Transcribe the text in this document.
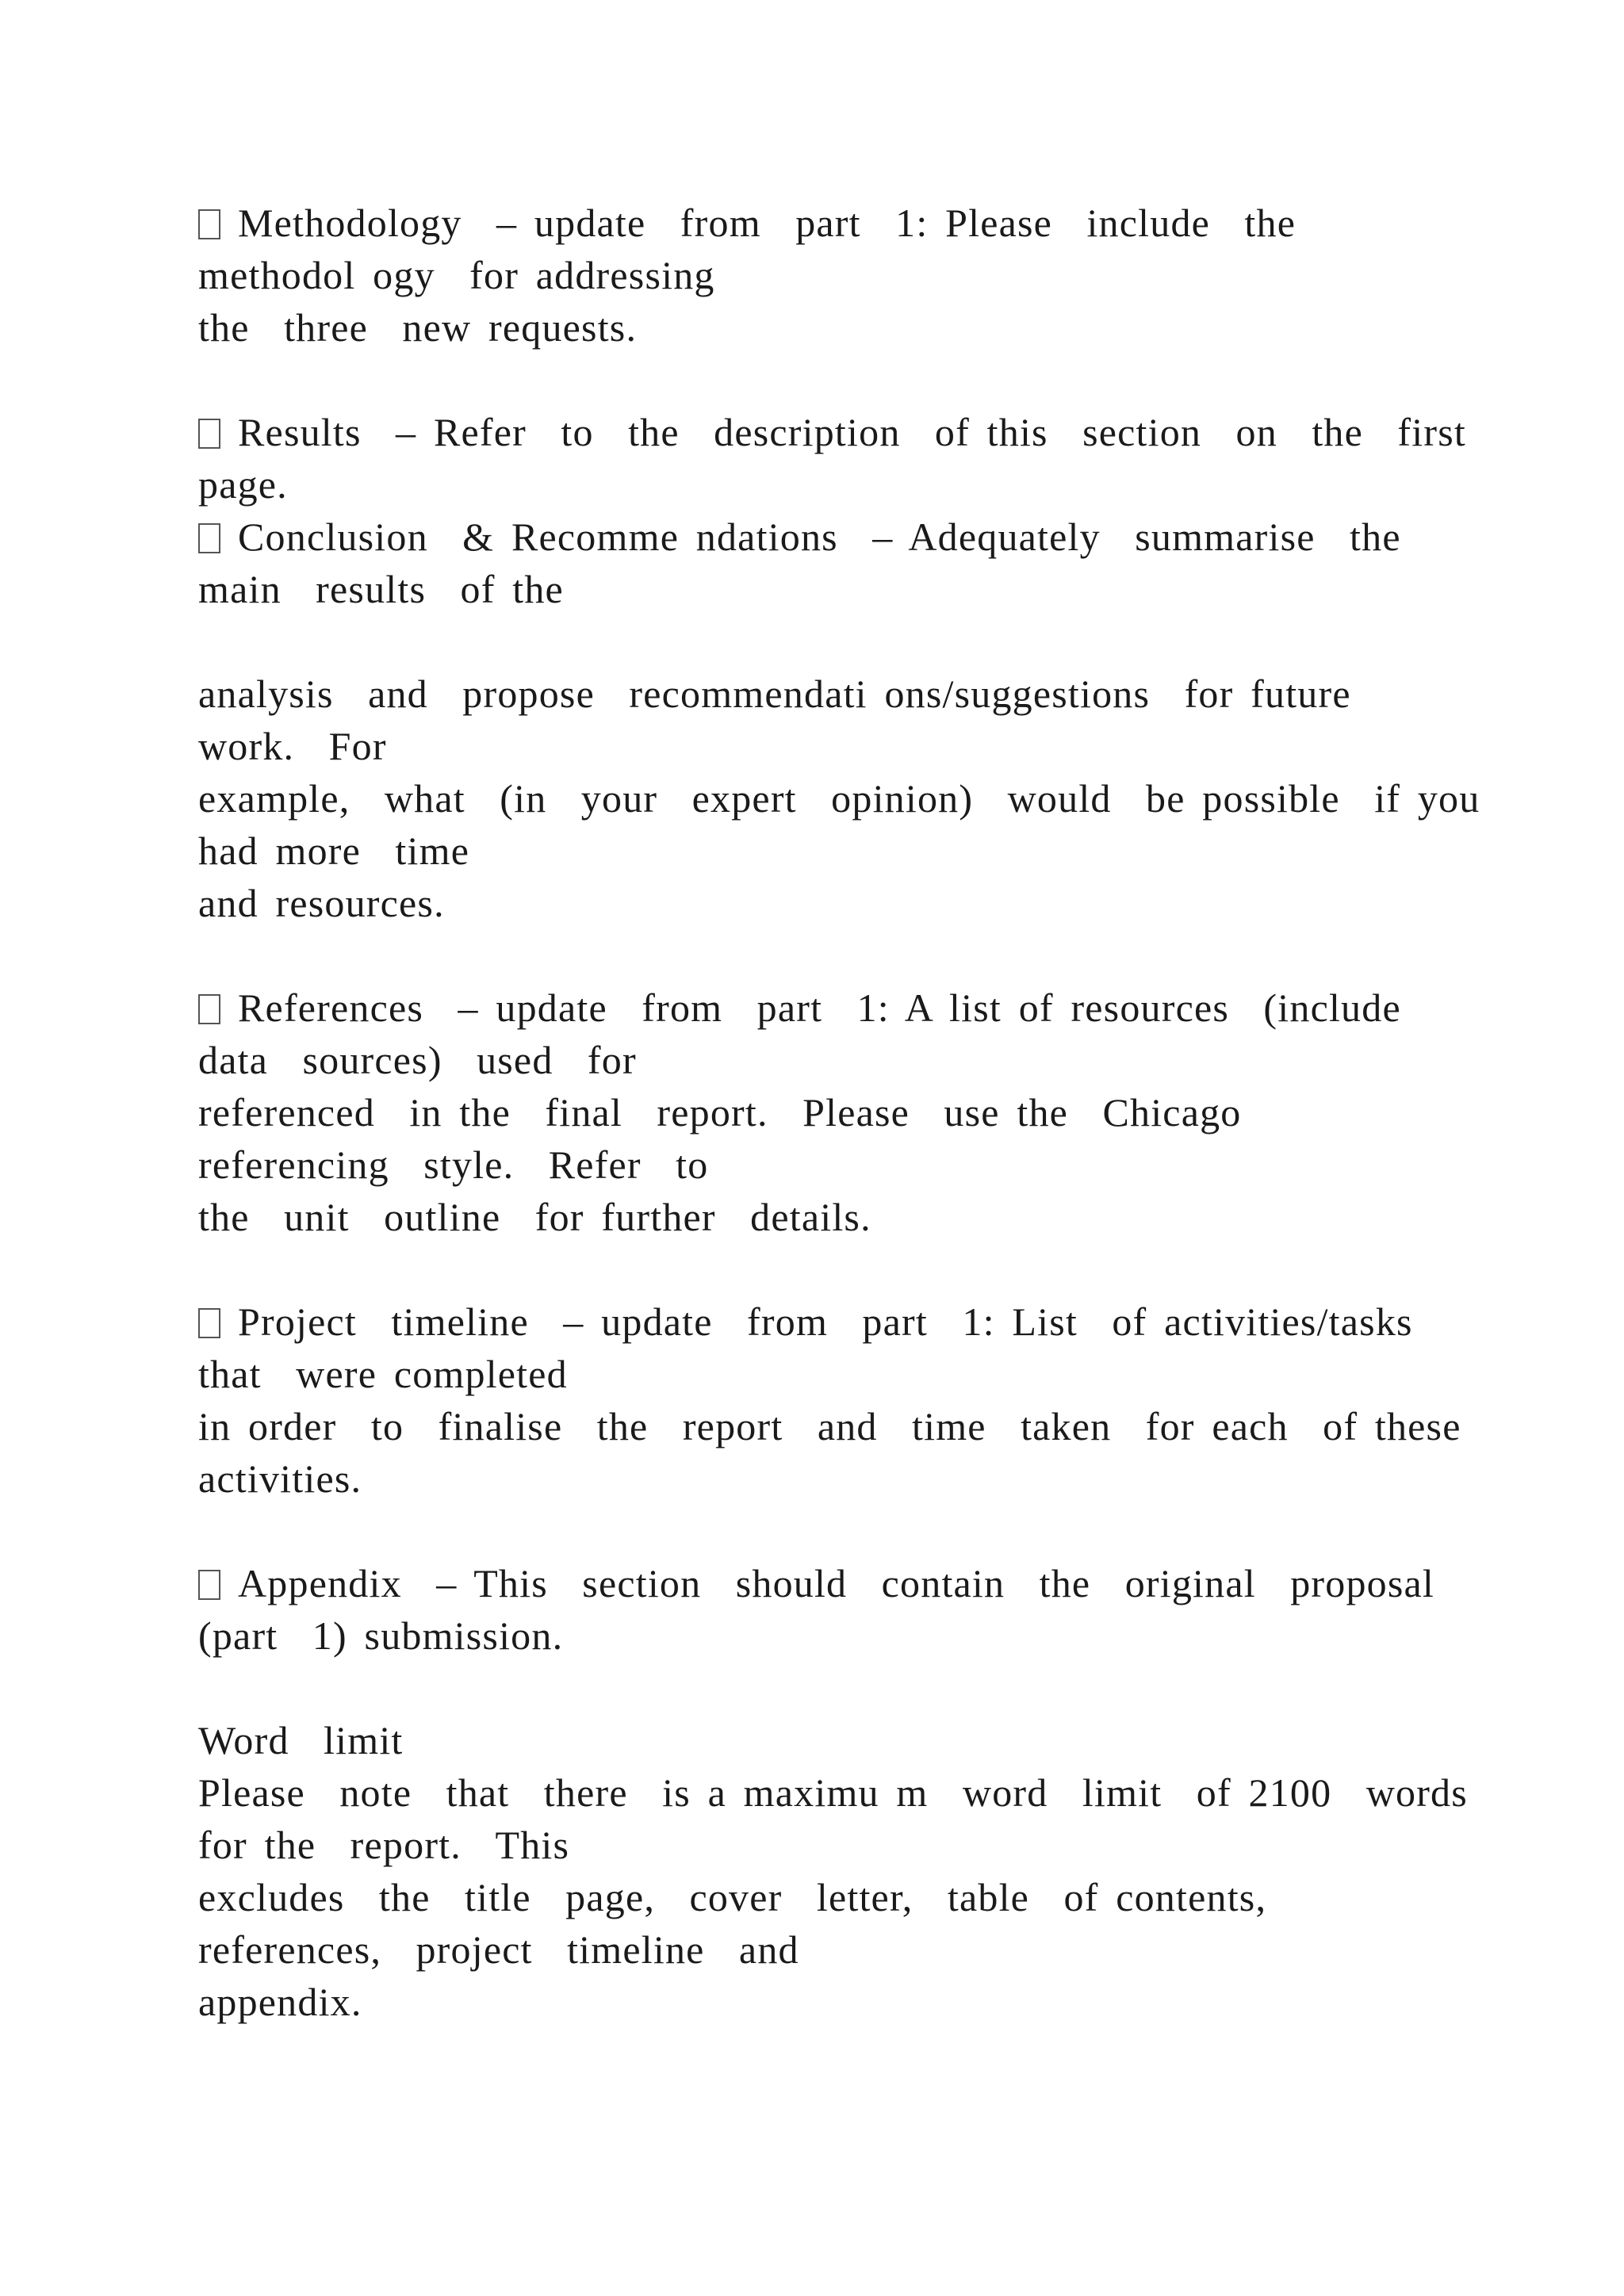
Methodology  – update  from  part  1: Please  include  the
methodol ogy  for addressing
the  three  new requests.
Results  – Refer  to  the  description  of this  section  on  the  first
page.
Conclusion  & Recomme ndations  – Adequately  summarise  the
main  results  of the
analysis  and  propose  recommendati ons/suggestions  for future
work.  For
example,  what  (in  your  expert  opinion)  would  be possible  if you
had more  time
and resources.
References  – update  from  part  1: A list of resources  (include
data  sources)  used  for
referenced  in the  final  report.  Please  use the  Chicago
referencing  style.  Refer  to
the  unit  outline  for further  details.
Project  timeline  – update  from  part  1: List  of activities/tasks
that  were completed
in order  to  finalise  the  report  and  time  taken  for each  of these
activities.
Appendix  – This  section  should  contain  the  original  proposal
(part  1) submission.
Word  limit
Please  note  that  there  is a maximu m  word  limit  of 2100  words
for the  report.  This
excludes  the  title  page,  cover  letter,  table  of contents,
references,  project  timeline  and
appendix.
